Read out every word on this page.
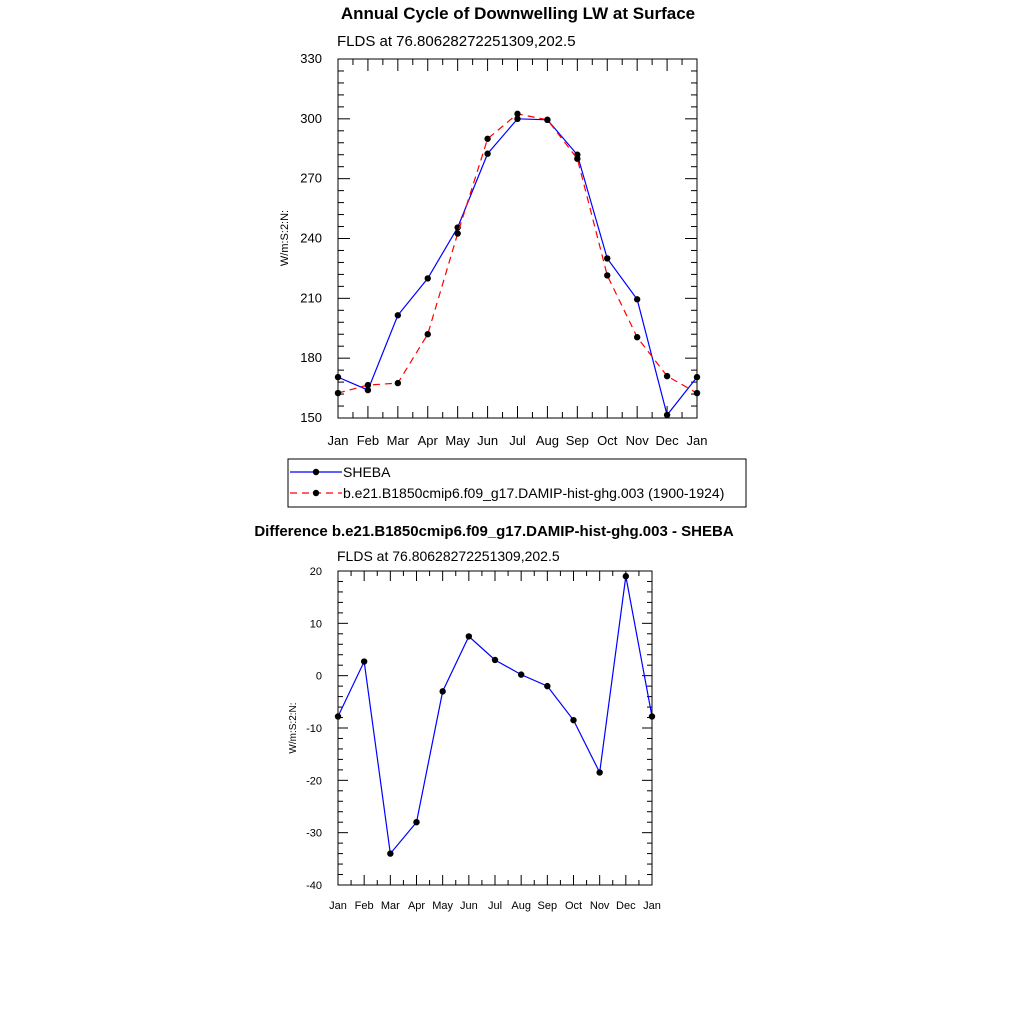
Annual Cycle of Downwelling LW at Surface
FLDS at 76.80628272251309,202.5
W/m:S:2:N:
Jan Feb Mar Apr May Jun Jul Aug Sep Oct Nov Dec Jan
150
180
210
240
270
300
330
SHEBA
b.e21.B1850cmip6.f09_g17.DAMIP-hist-ghg.003 (1900-1924)
Difference b.e21.B1850cmip6.f09_g17.DAMIP-hist-ghg.003 - SHEBA
FLDS at 76.80628272251309,202.5
W/m:S:2:N:
Jan Feb Mar Apr May Jun Jul Aug Sep Oct Nov Dec Jan
-40
-30
-20
-10
0
10
20
